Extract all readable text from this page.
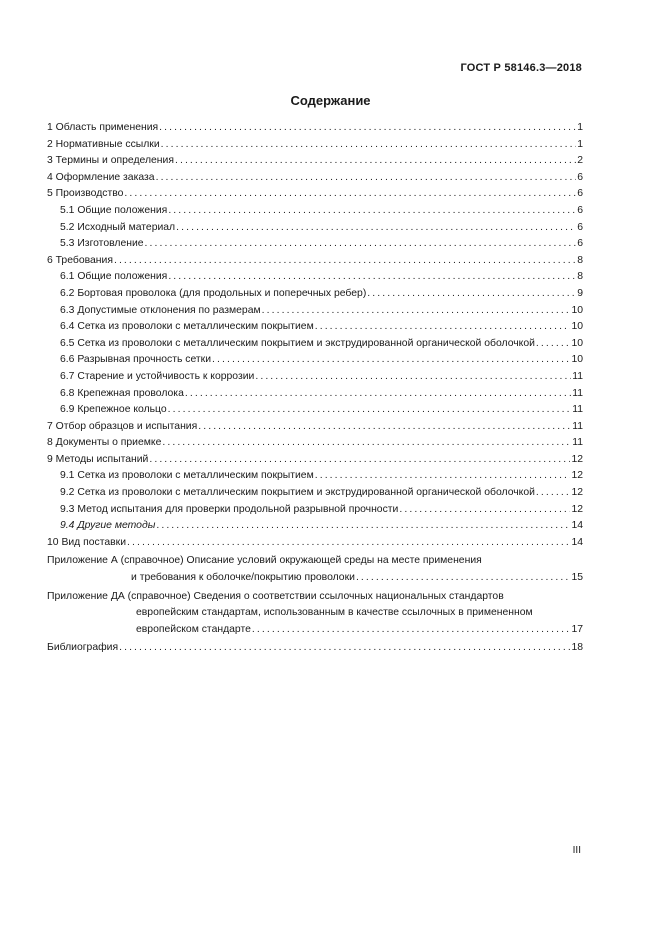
ГОСТ Р 58146.3—2018
Содержание
1 Область применения .....	1
2 Нормативные ссылки .....	1
3 Термины и определения .....	2
4 Оформление заказа .....	6
5 Производство .....	6
5.1 Общие положения .....	6
5.2 Исходный материал .....	6
5.3 Изготовление .....	6
6 Требования .....	8
6.1 Общие положения .....	8
6.2 Бортовая проволока (для продольных и поперечных ребер) .....	9
6.3 Допустимые отклонения по размерам .....	10
6.4 Сетка из проволоки с металлическим покрытием .....	10
6.5 Сетка из проволоки с металлическим покрытием и экструдированной органической оболочкой .....	10
6.6 Разрывная прочность сетки .....	10
6.7 Старение и устойчивость к коррозии .....	11
6.8 Крепежная проволока .....	11
6.9 Крепежное кольцо .....	11
7 Отбор образцов и испытания .....	11
8 Документы о приемке .....	11
9 Методы испытаний .....	12
9.1 Сетка из проволоки с металлическим покрытием .....	12
9.2 Сетка из проволоки с металлическим покрытием и экструдированной органической оболочкой .....	12
9.3 Метод испытания для проверки продольной разрывной прочности .....	12
9.4 Другие методы .....	14
10 Вид поставки .....	14
Приложение А (справочное) Описание условий окружающей среды на месте применения
и требования к оболочке/покрытию проволоки .....	15
Приложение ДА (справочное) Сведения о соответствии ссылочных национальных стандартов
европейским стандартам, использованным в качестве ссылочных в примененном
европейском стандарте .....	17
Библиография .....	18
III
